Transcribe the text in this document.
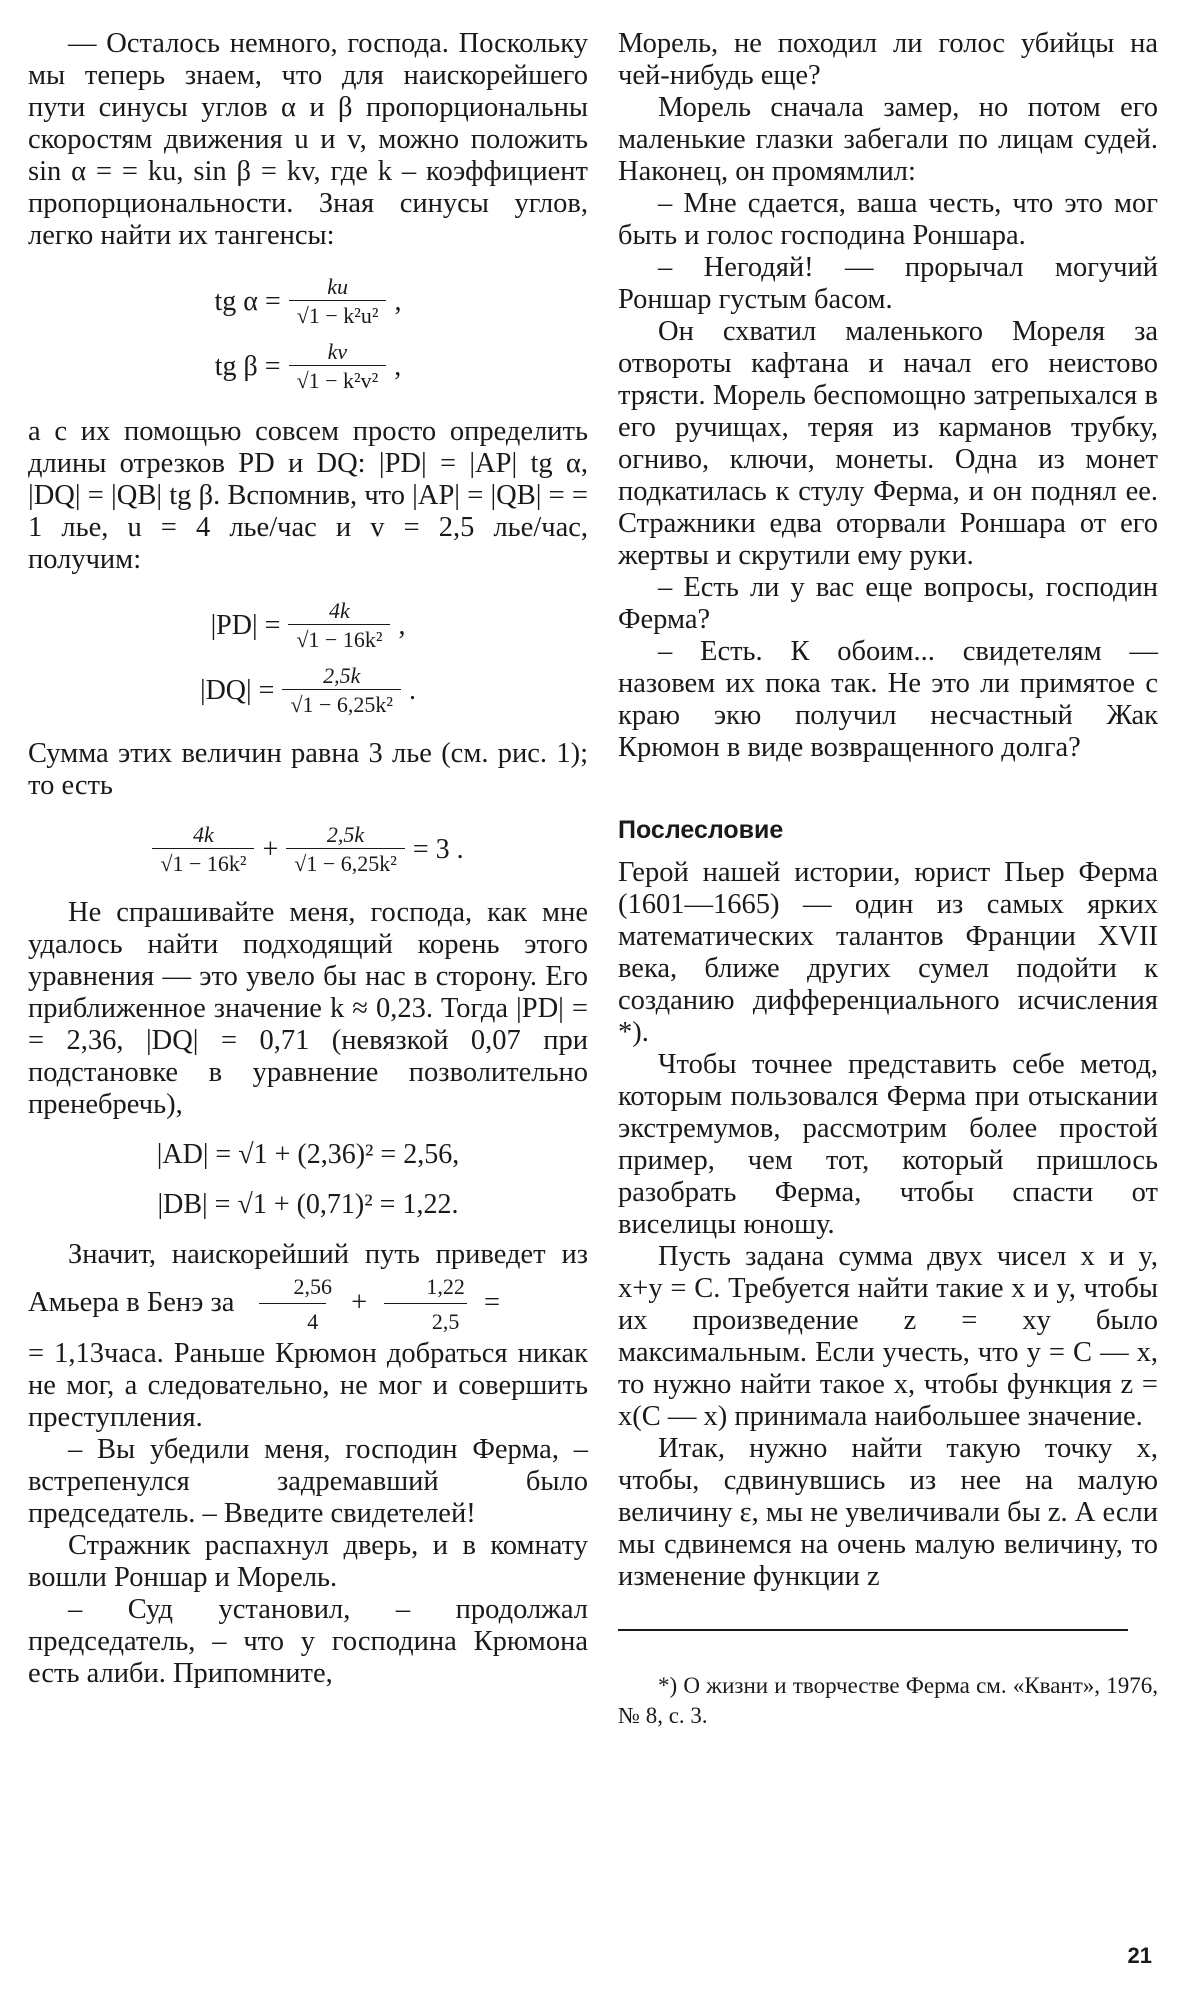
— Осталось немного, господа. Поскольку мы теперь знаем, что для наискорейшего пути синусы углов α и β пропорциональны скоростям движения u и v, можно положить sin α = = ku, sin β = kv, где k – коэффициент пропорциональности. Зная синусы углов, легко найти их тангенсы:

tg $\alpha = \frac{ku}{\text{√1 − k²u²}}$ ,
tg $\beta = \frac{kv}{\text{√1 − k²v²}}$ ,

а с их помощью совсем просто определить длины отрезков PD и DQ: |PD| = |AP| tg α, |DQ| = |QB| tg β. Вспомнив, что |AP| = |QB| = = 1 лье, u = 4 лье/час и v = 2,5 лье/час, получим:

$|PD| = \frac{4k}{\text{√1 − 16k²}}$ ,
$|DQ| = \frac{2,5k}{\text{√1 − 6,25k²}}$ .

Сумма этих величин равна 3 лье (см. рис. 1); то есть

$\frac{4k}{\text{√1 − 16k²}} + \frac{2,5k}{\text{√1 − 6,25k²}} = 3$ .

Не спрашивайте меня, господа, как мне удалось найти подходящий корень этого уравнения — это увело бы нас в сторону. Его приближенное значение k ≈ 0,23. Тогда |PD| = = 2,36, |DQ| = 0,71 (невязкой 0,07 при подстановке в уравнение позволительно пренебречь),

|AD| = √1 + (2,36)² = 2,56,
|DB| = √1 + (0,71)² = 1,22.

Значит, наискорейший путь приведет из Амьера в Бенэ за $\frac{2,56}{4} + \frac{1,22}{2,5}$ =

= 1,13часа. Раньше Крюмон добраться никак не мог, а следовательно, не мог и совершить преступления.

– Вы убедили меня, господин Ферма, – встрепенулся задремавший было председатель. – Введите свидетелей!

Стражник распахнул дверь, и в комнату вошли Роншар и Морель.

– Суд установил, – продолжал председатель, – что у господина Крюмона есть алиби. Припомните,

Морель, не походил ли голос убийцы на чей-нибудь еще?

Морель сначала замер, но потом его маленькие глазки забегали по лицам судей. Наконец, он промямлил:

– Мне сдается, ваша честь, что это мог быть и голос господина Роншара.

– Негодяй! — прорычал могучий Роншар густым басом.

Он схватил маленького Мореля за отвороты кафтана и начал его неистово трясти. Морель беспомощно затрепыхался в его ручищах, теряя из карманов трубку, огниво, ключи, монеты. Одна из монет подкатилась к стулу Ферма, и он поднял ее. Стражники едва оторвали Роншара от его жертвы и скрутили ему руки.

– Есть ли у вас еще вопросы, господин Ферма?

– Есть. К обоим... свидетелям — назовем их пока так. Не это ли примятое с краю экю получил несчастный Жак Крюмон в виде возвращенного долга?

Послесловие

Герой нашей истории, юрист Пьер Ферма (1601—1665) — один из самых ярких математических талантов Франции XVII века, ближе других сумел подойти к созданию дифференциального исчисления *).

Чтобы точнее представить себе метод, которым пользовался Ферма при отыскании экстремумов, рассмотрим более простой пример, чем тот, который пришлось разобрать Ферма, чтобы спасти от виселицы юношу.

Пусть задана сумма двух чисел x и y, x+y = C. Требуется найти такие x и y, чтобы их произведение z = xy было максимальным. Если учесть, что y = C — x, то нужно найти такое x, чтобы функция z = x(C — x) принимала наибольшее значение.

Итак, нужно найти такую точку x, чтобы, сдвинувшись из нее на малую величину ε, мы не увеличивали бы z. А если мы сдвинемся на очень малую величину, то изменение функции z

*) О жизни и творчестве Ферма см. «Квант», 1976, № 8, с. 3.
21
